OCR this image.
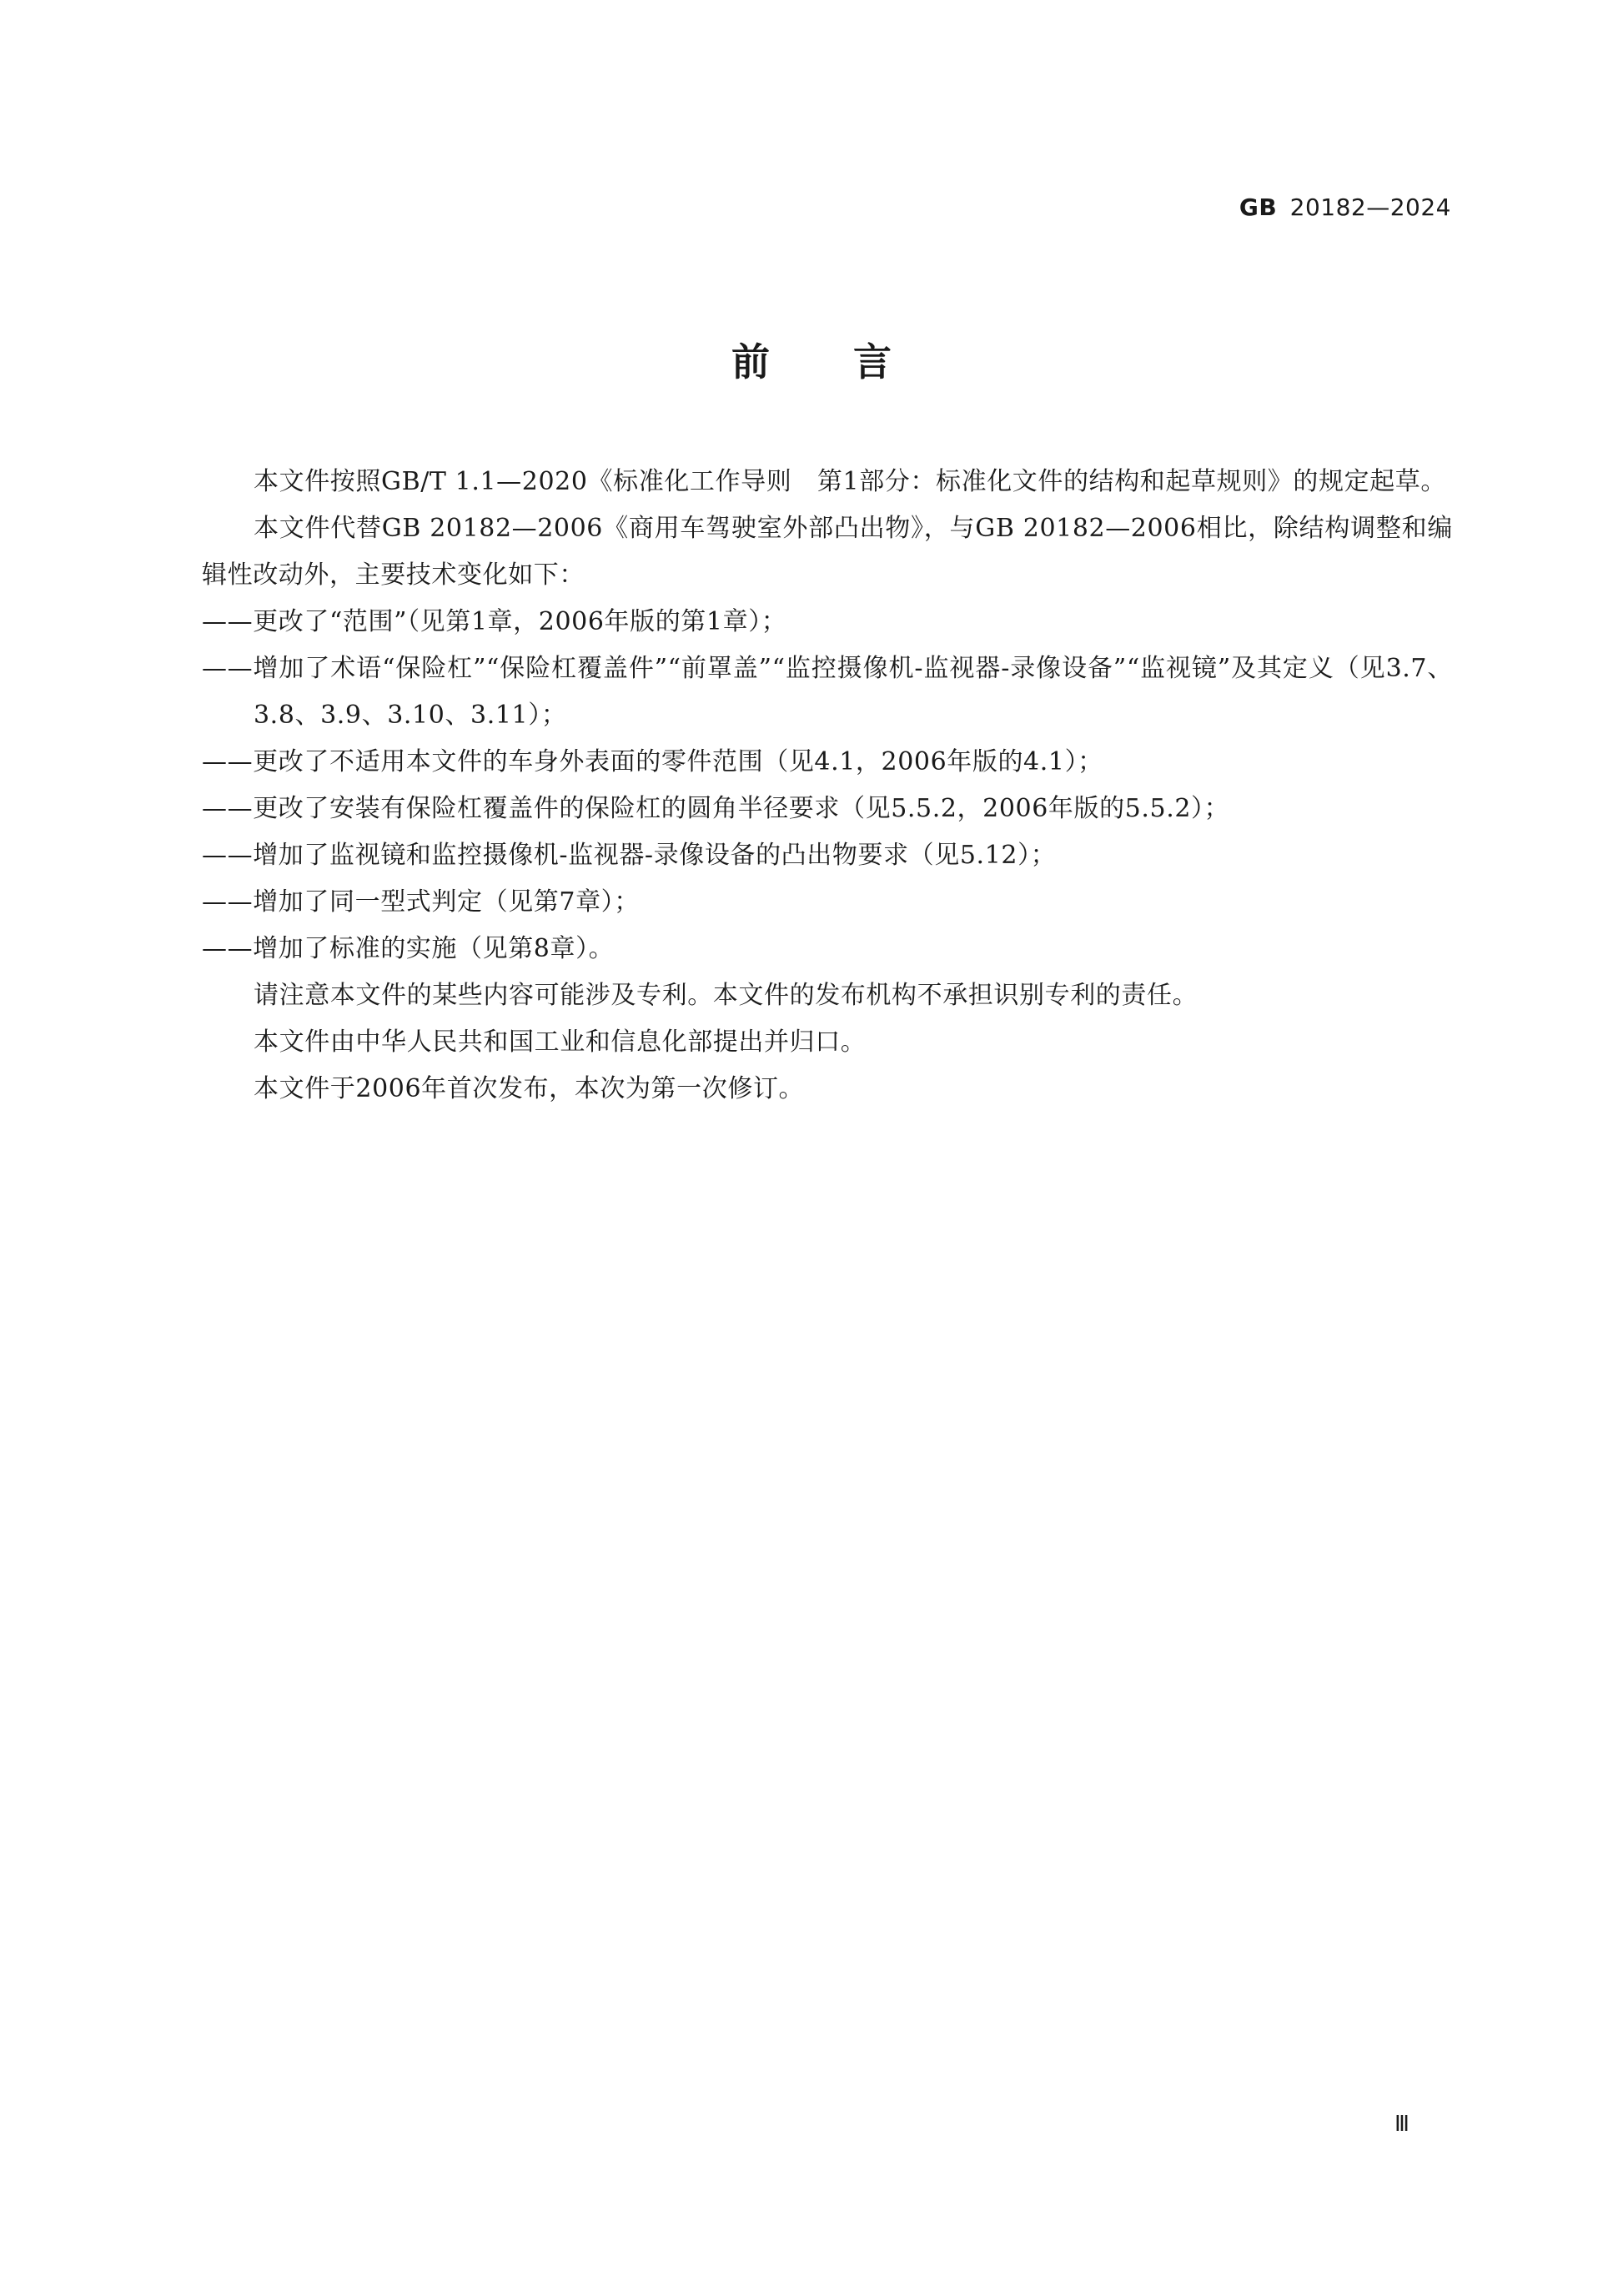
GB 20182—2024
前言

本文件按照GB/T 1.1—2020《标准化工作导则　第1部分：标准化文件的结构和起草规则》的规定起草。

本文件代替GB 20182—2006《商用车驾驶室外部凸出物》，与GB 20182—2006相比，除结构调整和编辑性改动外，主要技术变化如下：

——更改了“范围”（见第1章，2006年版的第1章）；

——增加了术语“保险杠”“保险杠覆盖件”“前罩盖”“监控摄像机-监视器-录像设备”“监视镜”及其定义（见3.7、3.8、3.9、3.10、3.11）；

——更改了不适用本文件的车身外表面的零件范围（见4.1，2006年版的4.1）；

——更改了安装有保险杠覆盖件的保险杠的圆角半径要求（见5.5.2，2006年版的5.5.2）；

——增加了监视镜和监控摄像机-监视器-录像设备的凸出物要求（见5.12）；

——增加了同一型式判定（见第7章）；

——增加了标准的实施（见第8章）。

请注意本文件的某些内容可能涉及专利。本文件的发布机构不承担识别专利的责任。

本文件由中华人民共和国工业和信息化部提出并归口。

本文件于2006年首次发布，本次为第一次修订。

Ⅲ
